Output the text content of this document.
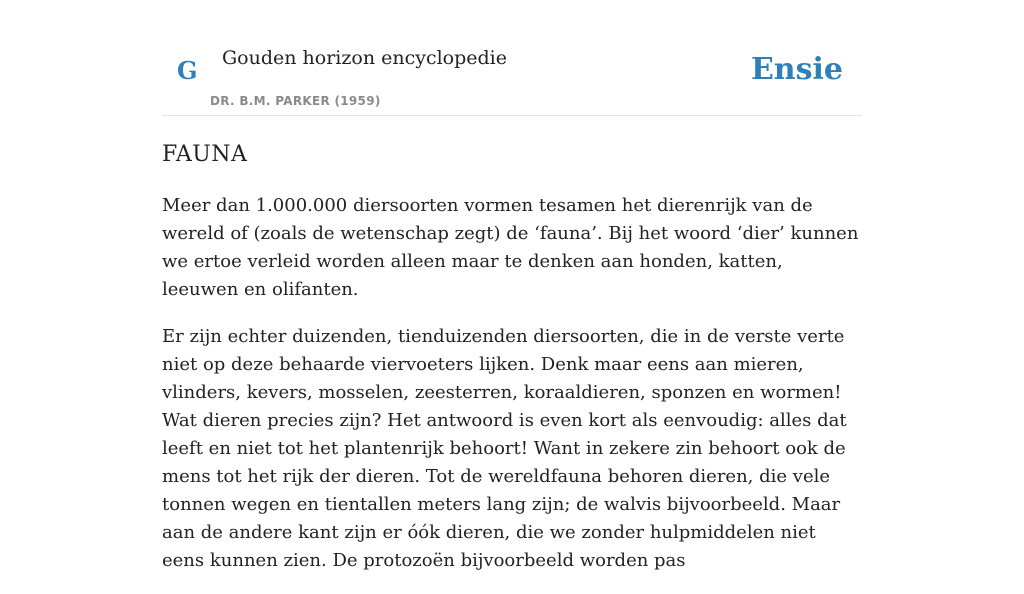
G Gouden horizon encyclopedie
DR. B.M. PARKER (1959)
Ensie
FAUNA

Meer dan 1.000.000 diersoorten vormen tesamen het dierenrijk van de wereld of (zoals de wetenschap zegt) de ‘fauna’. Bij het woord ‘dier’ kunnen we ertoe verleid worden alleen maar te denken aan honden, katten, leeuwen en olifanten.

Er zijn echter duizenden, tienduizenden diersoorten, die in de verste verte niet op deze behaarde viervoeters lijken. Denk maar eens aan mieren, vlinders, kevers, mosselen, zeesterren, koraaldieren, sponzen en wormen! Wat dieren precies zijn? Het antwoord is even kort als eenvoudig: alles dat leeft en niet tot het plantenrijk behoort! Want in zekere zin behoort ook de mens tot het rijk der dieren. Tot de wereldfauna behoren dieren, die vele tonnen wegen en tientallen meters lang zijn; de walvis bijvoorbeeld. Maar aan de andere kant zijn er óók dieren, die we zonder hulpmiddelen niet eens kunnen zien. De protozoën bijvoorbeeld worden pas
